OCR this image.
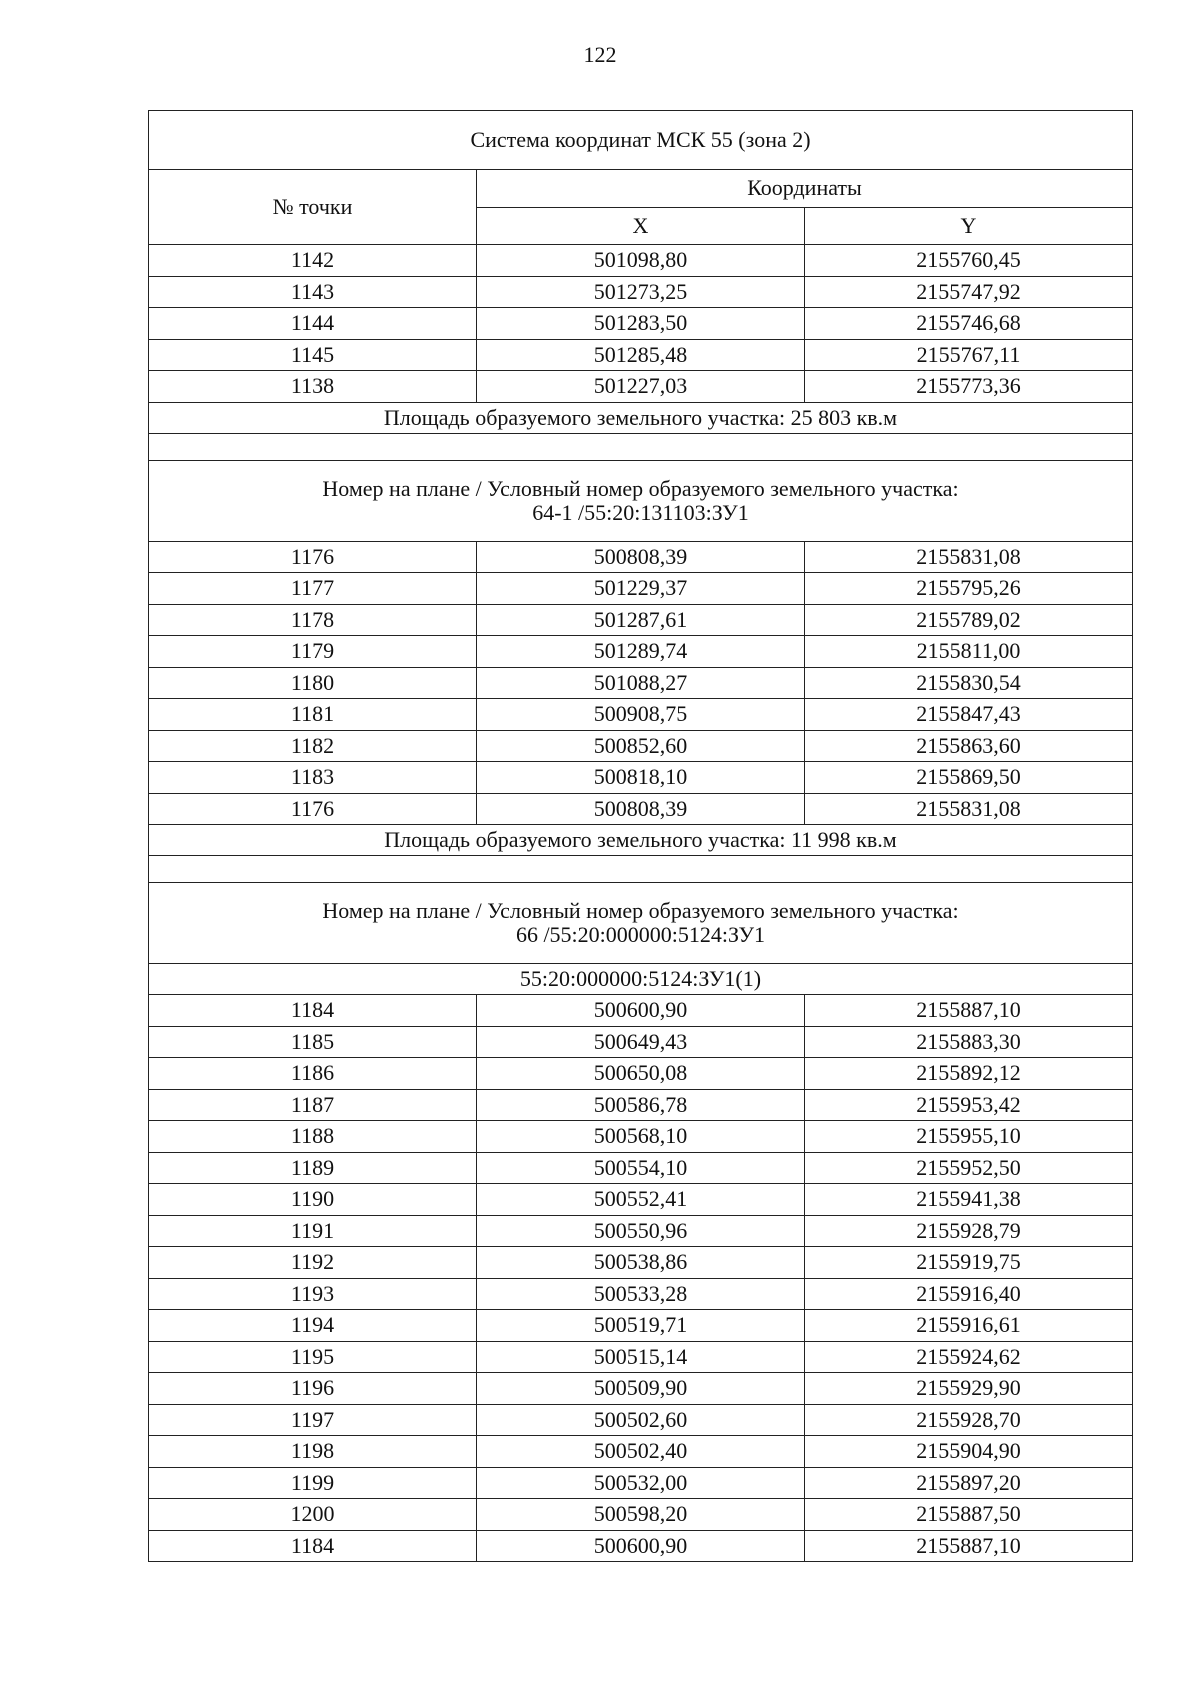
122
Система координат МСК 55 (зона 2)		
№ точки	Координаты	
	X	Y
1142	501098,80	2155760,45
1143	501273,25	2155747,92
1144	501283,50	2155746,68
1145	501285,48	2155767,11
1138	501227,03	2155773,36
Площадь образуемого земельного участка: 25 803 кв.м		

Номер на плане / Условный номер образуемого земельного участка:
64-1 /55:20:131103:ЗУ1		

1176	500808,39	2155831,08
1177	501229,37	2155795,26
1178	501287,61	2155789,02
1179	501289,74	2155811,00
1180	501088,27	2155830,54
1181	500908,75	2155847,43
1182	500852,60	2155863,60
1183	500818,10	2155869,50
1176	500808,39	2155831,08
Площадь образуемого земельного участка: 11 998 кв.м		

Номер на плане / Условный номер образуемого земельного участка:
66 /55:20:000000:5124:ЗУ1		

55:20:000000:5124:ЗУ1(1)		
1184	500600,90	2155887,10
1185	500649,43	2155883,30
1186	500650,08	2155892,12
1187	500586,78	2155953,42
1188	500568,10	2155955,10
1189	500554,10	2155952,50
1190	500552,41	2155941,38
1191	500550,96	2155928,79
1192	500538,86	2155919,75
1193	500533,28	2155916,40
1194	500519,71	2155916,61
1195	500515,14	2155924,62
1196	500509,90	2155929,90
1197	500502,60	2155928,70
1198	500502,40	2155904,90
1199	500532,00	2155897,20
1200	500598,20	2155887,50
1184	500600,90	2155887,10
